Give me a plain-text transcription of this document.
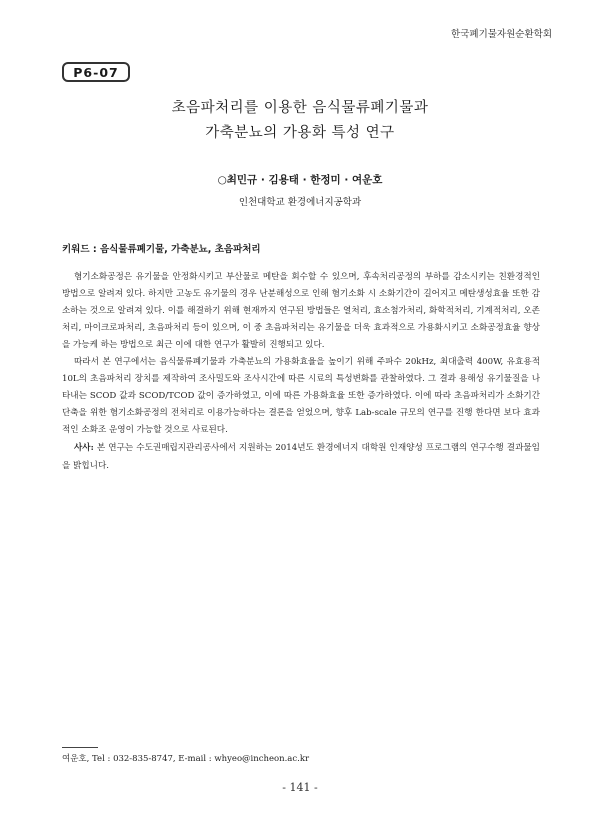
한국폐기물자원순환학회
P6-07
초음파처리를 이용한 음식물류폐기물과
가축분뇨의 가용화 특성 연구
○최민규 · 김용태 · 한정미 · 여운호
인천대학교 환경에너지공학과
키워드 : 음식물류폐기물, 가축분뇨, 초음파처리

혐기소화공정은 유기물을 안정화시키고 부산물로 메탄을 회수할 수 있으며, 후속처리공정의 부하를 감소시키는 친환경적인 방법으로 알려져 있다. 하지만 고농도 유기물의 경우 난분해성으로 인해 혐기소화 시 소화기간이 길어지고 메탄생성효율 또한 감소하는 것으로 알려져 있다. 이를 해결하기 위해 현재까지 연구된 방법들은 열처리, 효소첨가처리, 화학적처리, 기계적처리, 오존처리, 마이크로파처리, 초음파처리 등이 있으며, 이 중 초음파처리는 유기물을 더욱 효과적으로 가용화시키고 소화공정효율 향상을 가능케 하는 방법으로 최근 이에 대한 연구가 활발히 진행되고 있다.

따라서 본 연구에서는 음식물류폐기물과 가축분뇨의 가용화효율을 높이기 위해 주파수 20kHz, 최대출력 400W, 유효용적 10L의 초음파처리 장치를 제작하여 조사밀도와 조사시간에 따른 시료의 특성변화를 관찰하였다. 그 결과 용해성 유기물질을 나타내는 SCOD 값과 SCOD/TCOD 값이 증가하였고, 이에 따른 가용화효율 또한 증가하였다. 이에 따라 초음파처리가 소화기간 단축을 위한 혐기소화공정의 전처리로 이용가능하다는 결론을 얻었으며, 향후 Lab-scale 규모의 연구를 진행 한다면 보다 효과적인 소화조 운영이 가능할 것으로 사료된다.

사사: 본 연구는 수도권매립지관리공사에서 지원하는 2014년도 환경에너지 대학원 인재양성 프로그램의 연구수행 결과물임을 밝힙니다.

여운호, Tel : 032-835-8747, E-mail : whyeo@incheon.ac.kr
- 141 -
